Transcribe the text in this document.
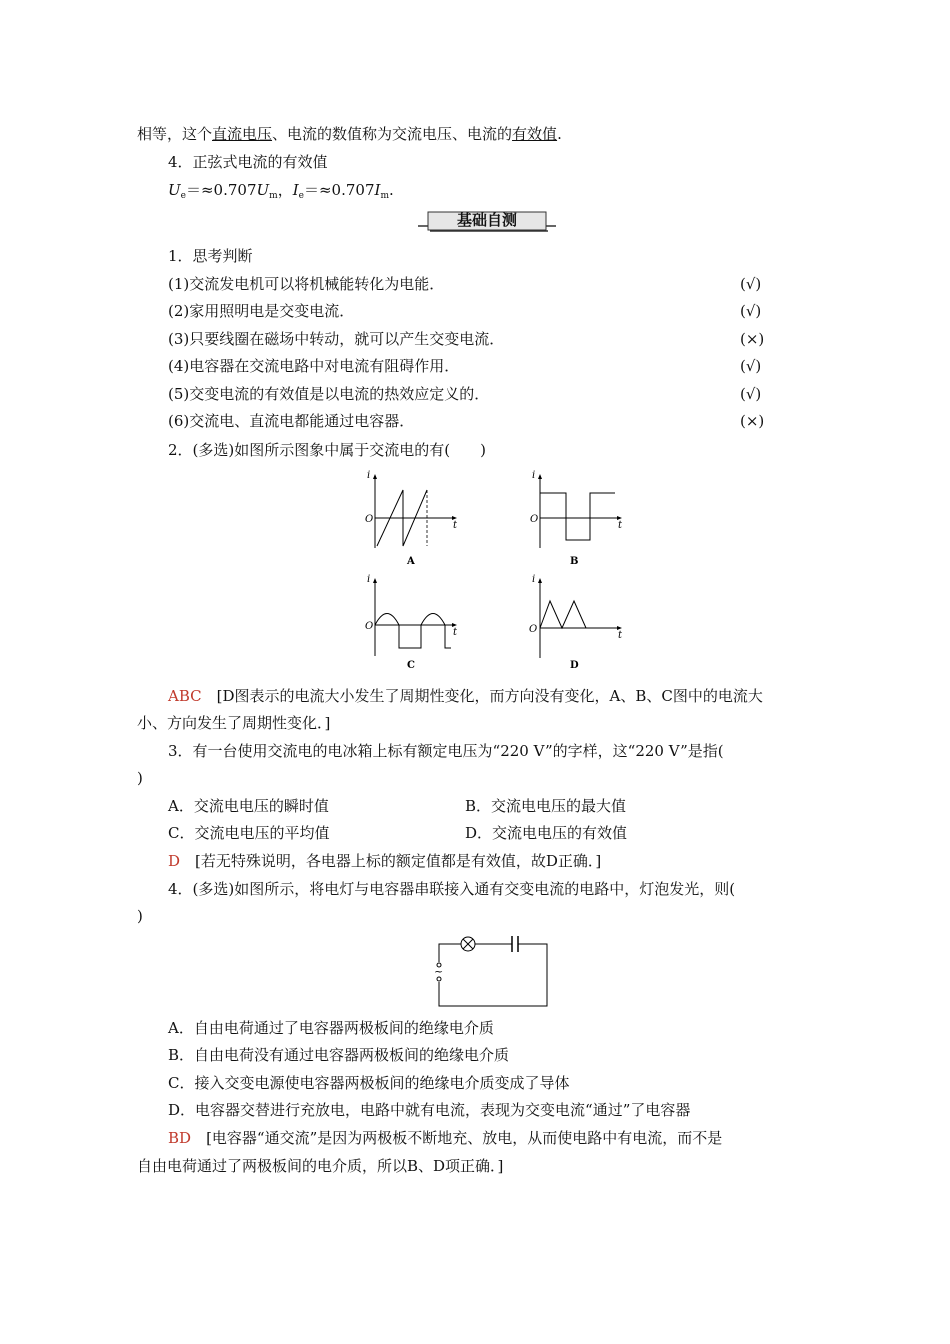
相等，这个直流电压、电流的数值称为交流电压、电流的有效值.
4．正弦式电流的有效值
$U_e=\approx 0.707U_m$，$I_e=\approx 0.707I_m$.
基础自测
1．思考判断
(1)交流发电机可以将机械能转化为电能．	(√)
(2)家用照明电是交变电流．	(√)
(3)只要线圈在磁场中转动，就可以产生交变电流．	(×)
(4)电容器在交流电路中对电流有阻碍作用．	(√)
(5)交变电流的有效值是以电流的热效应定义的．	(√)
(6)交流电、直流电都能通过电容器．	(×)
2．(多选)如图所示图象中属于交流电的有(　　)
i
O
t
A
i
O
t
B
i
O
t
C
i
O
t
D
ABC　 [D图表示的电流大小发生了周期性变化，而方向没有变化，A、B、C图中的电流大
小、方向发生了周期性变化．]
3．有一台使用交流电的电冰箱上标有额定电压为“220 V”的字样，这“220 V”是指(
)
A．交流电电压的瞬时值	B．交流电电压的最大值
C．交流电电压的平均值	D．交流电电压的有效值
D　 [若无特殊说明，各电器上标的额定值都是有效值，故D正确．]
4．(多选)如图所示，将电灯与电容器串联接入通有交变电流的电路中，灯泡发光，则(
)
~
A．自由电荷通过了电容器两极板间的绝缘电介质
B．自由电荷没有通过电容器两极板间的绝缘电介质
C．接入交变电源使电容器两极板间的绝缘电介质变成了导体
D．电容器交替进行充放电，电路中就有电流，表现为交变电流“通过”了电容器
BD　 [电容器“通交流”是因为两极板不断地充、放电，从而使电路中有电流，而不是
自由电荷通过了两极板间的电介质，所以B、D项正确．]
